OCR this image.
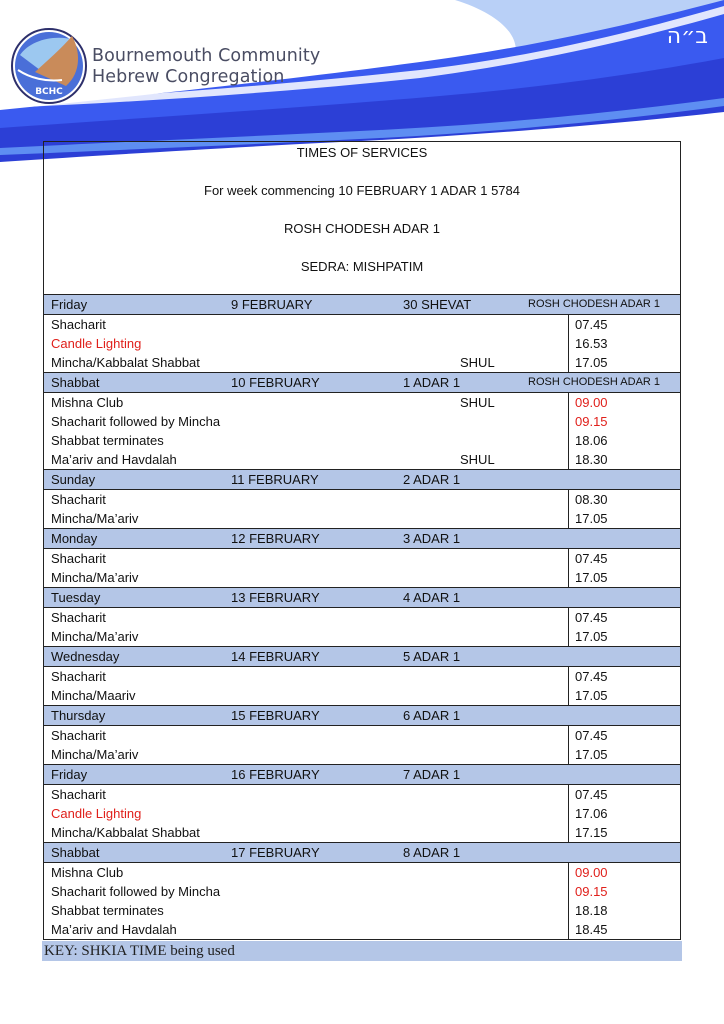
BCHC
Bournemouth Community
Hebrew Congregation
ב״ה
TIMES OF SERVICES
For week commencing 10 FEBRUARY 1 ADAR 1 5784
ROSH CHODESH ADAR 1
SEDRA: MISHPATIM
Friday	9 FEBRUARY	30 SHEVAT	ROSH CHODESH ADAR 1
Shacharit	07.45
Candle Lighting	16.53
Mincha/Kabbalat Shabbat	SHUL	17.05
Shabbat	10 FEBRUARY	1 ADAR 1	ROSH CHODESH ADAR 1
Mishna Club	SHUL	09.00
Shacharit followed by Mincha	09.15
Shabbat terminates	18.06
Ma’ariv and Havdalah	SHUL	18.30
Sunday	11 FEBRUARY	2 ADAR 1
Shacharit	08.30
Mincha/Ma’ariv	17.05
Monday	12 FEBRUARY	3 ADAR 1
Shacharit	07.45
Mincha/Ma’ariv	17.05
Tuesday	13 FEBRUARY	4 ADAR 1
Shacharit	07.45
Mincha/Ma’ariv	17.05
Wednesday	14 FEBRUARY	5 ADAR 1
Shacharit	07.45
Mincha/Maariv	17.05
Thursday	15 FEBRUARY	6 ADAR 1
Shacharit	07.45
Mincha/Ma’ariv	17.05
Friday	16 FEBRUARY	7 ADAR 1
Shacharit	07.45
Candle Lighting	17.06
Mincha/Kabbalat Shabbat	17.15
Shabbat	17 FEBRUARY	8 ADAR 1
Mishna Club	09.00
Shacharit followed by Mincha	09.15
Shabbat terminates	18.18
Ma’ariv and Havdalah	18.45
KEY: SHKIA TIME being used
